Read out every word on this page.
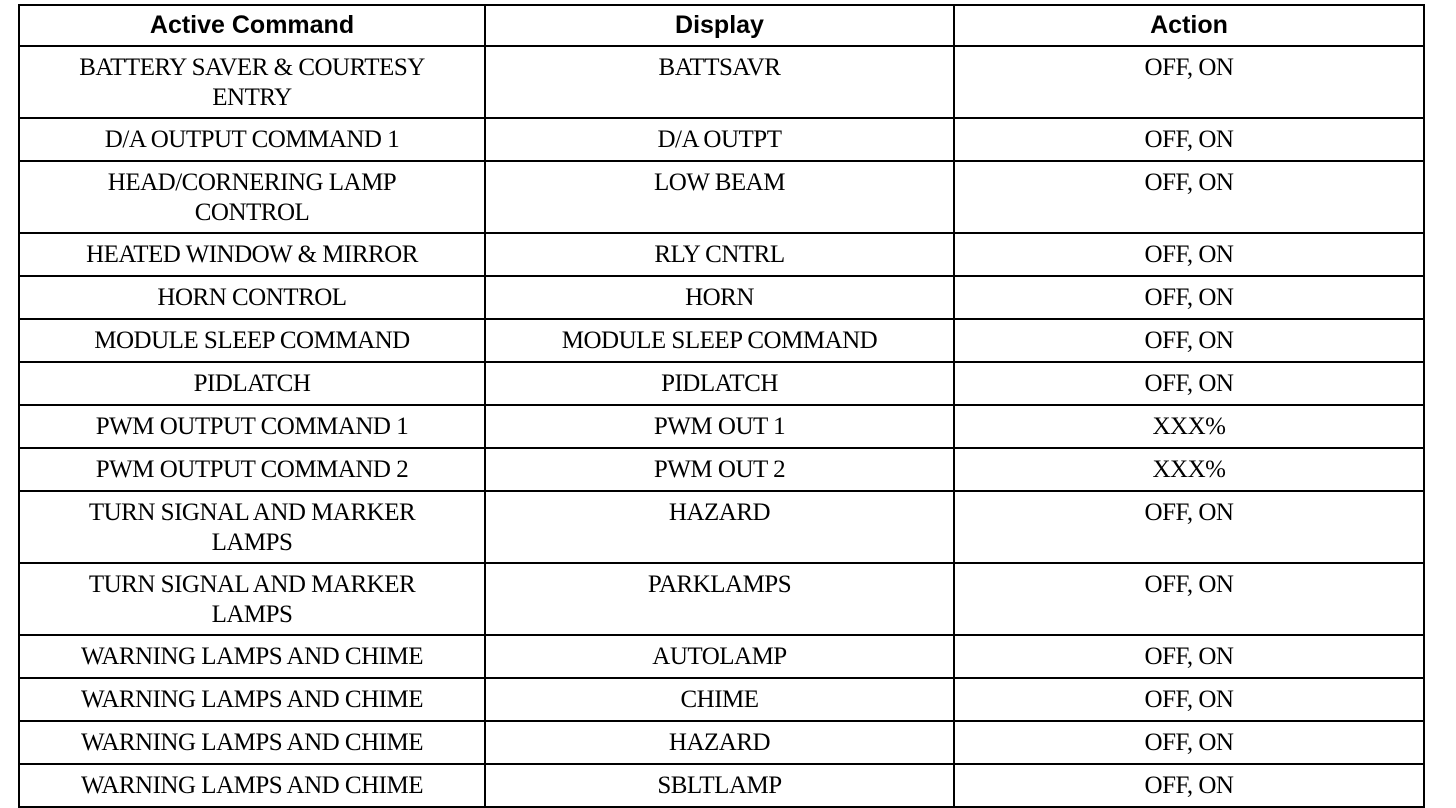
Active Command	Display	Action

BATTERY SAVER & COURTESY ENTRY	BATTSAVR	OFF, ON

D/A OUTPUT COMMAND 1	D/A OUTPT	OFF, ON

HEAD/CORNERING LAMP CONTROL	LOW BEAM	OFF, ON

HEATED WINDOW & MIRROR	RLY CNTRL	OFF, ON

HORN CONTROL	HORN	OFF, ON

MODULE SLEEP COMMAND	MODULE SLEEP COMMAND	OFF, ON

PIDLATCH	PIDLATCH	OFF, ON

PWM OUTPUT COMMAND 1	PWM OUT 1	XXX%

PWM OUTPUT COMMAND 2	PWM OUT 2	XXX%

TURN SIGNAL AND MARKER LAMPS	HAZARD	OFF, ON

TURN SIGNAL AND MARKER LAMPS	PARKLAMPS	OFF, ON

WARNING LAMPS AND CHIME	AUTOLAMP	OFF, ON

WARNING LAMPS AND CHIME	CHIME	OFF, ON

WARNING LAMPS AND CHIME	HAZARD	OFF, ON

WARNING LAMPS AND CHIME	SBLTLAMP	OFF, ON
